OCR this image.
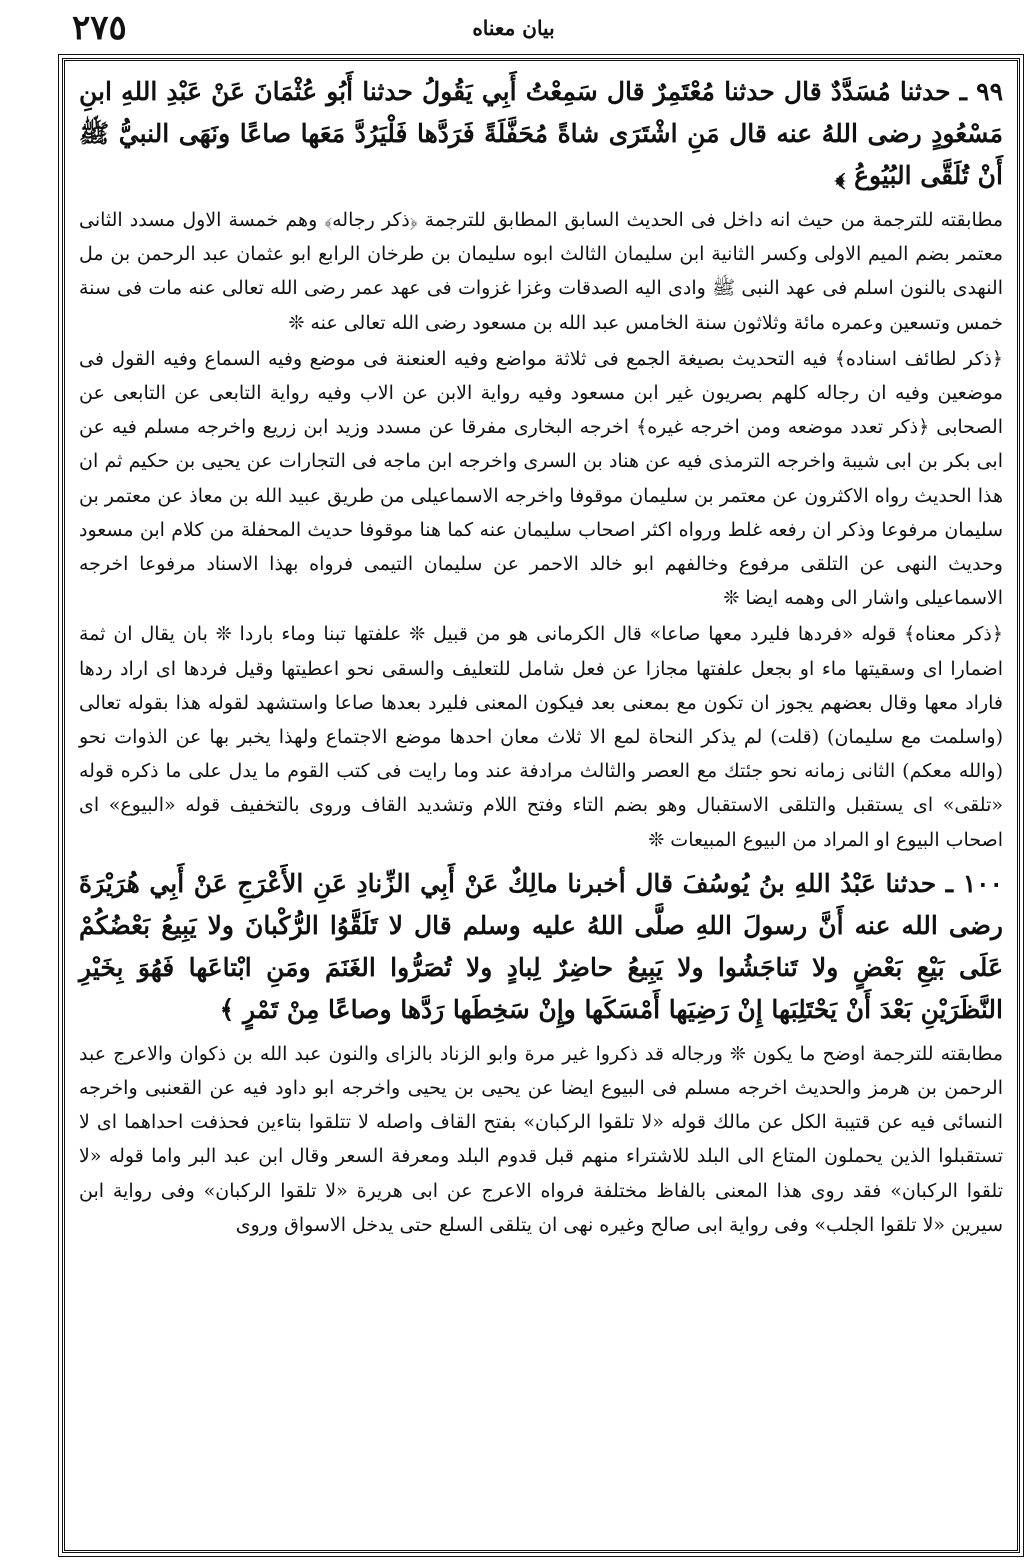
٢٧٥	بيان معناه

٩٩ ـ حدثنا مُسَدَّدٌ قال حدثنا مُعْتَمِرٌ قال سَمِعْتُ أَبِي يَقُولُ حدثنا أَبُو عُثْمَانَ عَنْ عَبْدِ اللهِ ابنِ مَسْعُودٍ رضى اللهُ عنه قال مَنِ اشْتَرَى شاةً مُحَفَّلَةً فَرَدَّها فَلْيَرُدَّ مَعَها صاعًا ونَهَى النبيُّ ﷺ أَنْ تُلَقَّى البُيُوعُ ﴾

مطابقته للترجمة من حيث انه داخل فى الحديث السابق المطابق للترجمة ﴿ذكر رجاله﴾ وهم خمسة الاول مسدد الثانى معتمر بضم الميم الاولى وكسر الثانية ابن سليمان الثالث ابوه سليمان بن طرخان الرابع ابو عثمان عبد الرحمن بن مل النهدى بالنون اسلم فى عهد النبى ﷺ وادى اليه الصدقات وغزا غزوات فى عهد عمر رضى الله تعالى عنه مات فى سنة خمس وتسعين وعمره مائة وثلاثون سنة الخامس عبد الله بن مسعود رضى الله تعالى عنه ❊

﴿ذكر لطائف اسناده﴾ فيه التحديث بصيغة الجمع فى ثلاثة مواضع وفيه العنعنة فى موضع وفيه السماع وفيه القول فى موضعين وفيه ان رجاله كلهم بصريون غير ابن مسعود وفيه رواية الابن عن الاب وفيه رواية التابعى عن التابعى عن الصحابى ﴿ذكر تعدد موضعه ومن اخرجه غيره﴾ اخرجه البخارى مفرقا عن مسدد وزيد ابن زريع واخرجه مسلم فيه عن ابى بكر بن ابى شيبة واخرجه الترمذى فيه عن هناد بن السرى واخرجه ابن ماجه فى التجارات عن يحيى بن حكيم ثم ان هذا الحديث رواه الاكثرون عن معتمر بن سليمان موقوفا واخرجه الاسماعيلى من طريق عبيد الله بن معاذ عن معتمر بن سليمان مرفوعا وذكر ان رفعه غلط ورواه اكثر اصحاب سليمان عنه كما هنا موقوفا حديث المحفلة من كلام ابن مسعود وحديث النهى عن التلقى مرفوع وخالفهم ابو خالد الاحمر عن سليمان التيمى فرواه بهذا الاسناد مرفوعا اخرجه الاسماعيلى واشار الى وهمه ايضا ❊

﴿ذكر معناه﴾ قوله «فردها فليرد معها صاعا» قال الكرمانى هو من قبيل ❊ علفتها تبنا وماء باردا ❊ بان يقال ان ثمة اضمارا اى وسقيتها ماء او بجعل علفتها مجازا عن فعل شامل للتعليف والسقى نحو اعطيتها وقيل فردها اى اراد ردها فاراد معها وقال بعضهم يجوز ان تكون مع بمعنى بعد فيكون المعنى فليرد بعدها صاعا واستشهد لقوله هذا بقوله تعالى (واسلمت مع سليمان) (قلت) لم يذكر النحاة لمع الا ثلاث معان احدها موضع الاجتماع ولهذا يخبر بها عن الذوات نحو (والله معكم) الثانى زمانه نحو جئتك مع العصر والثالث مرادفة عند وما رايت فى كتب القوم ما يدل على ما ذكره قوله «تلقى» اى يستقبل والتلقى الاستقبال وهو بضم التاء وفتح اللام وتشديد القاف وروى بالتخفيف قوله «البيوع» اى اصحاب البيوع او المراد من البيوع المبيعات ❊

١٠٠ ـ حدثنا عَبْدُ اللهِ بنُ يُوسُفَ قال أخبرنا مالِكٌ عَنْ أَبِي الزِّنادِ عَنِ الأَعْرَجِ عَنْ أَبِي هُرَيْرَةَ رضى الله عنه أَنَّ رسولَ اللهِ صلَّى اللهُ عليه وسلم قال لا تَلَقَّوُا الرُّكْبانَ ولا يَبِيعُ بَعْضُكُمْ عَلَى بَيْعِ بَعْضٍ ولا تَناجَشُوا ولا يَبِيعُ حاضِرٌ لِبادٍ ولا تُصَرُّوا الغَنَمَ ومَنِ ابْتاعَها فَهُوَ بِخَيْرِ النَّظَرَيْنِ بَعْدَ أَنْ يَحْتَلِبَها إِنْ رَضِيَها أَمْسَكَها وإِنْ سَخِطَها رَدَّها وصاعًا مِنْ تَمْرٍ ﴾

مطابقته للترجمة اوضح ما يكون ❊ ورجاله قد ذكروا غير مرة وابو الزناد بالزاى والنون عبد الله بن ذكوان والاعرج عبد الرحمن بن هرمز والحديث اخرجه مسلم فى البيوع ايضا عن يحيى بن يحيى واخرجه ابو داود فيه عن القعنبى واخرجه النسائى فيه عن قتيبة الكل عن مالك قوله «لا تلقوا الركبان» بفتح القاف واصله لا تتلقوا بتاءين فحذفت احداهما اى لا تستقبلوا الذين يحملون المتاع الى البلد للاشتراء منهم قبل قدوم البلد ومعرفة السعر وقال ابن عبد البر واما قوله «لا تلقوا الركبان» فقد روى هذا المعنى بالفاظ مختلفة فرواه الاعرج عن ابى هريرة «لا تلقوا الركبان» وفى رواية ابن سيرين «لا تلقوا الجلب» وفى رواية ابى صالح وغيره نهى ان يتلقى السلع حتى يدخل الاسواق وروى
